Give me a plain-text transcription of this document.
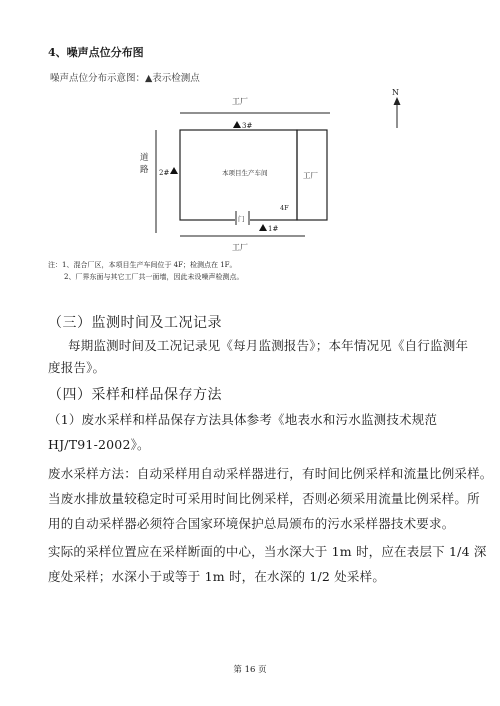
4、噪声点位分布图
噪声点位分布示意图：▲表示检测点
N
工厂
道
路	本项目生产车间	工厂
门
4F
3#
2#
1#
工厂
注：1、混合厂区，本项目生产车间位于 4F；检测点在 1F。
2、厂界东面与其它工厂共一面墙，因此未设噪声检测点。
（三）监测时间及工况记录
每期监测时间及工况记录见《每月监测报告》；本年情况见《自行监测年
度报告》。
（四）采样和样品保存方法
（1）废水采样和样品保存方法具体参考《地表水和污水监测技术规范
HJ/T91-2002》。
废水采样方法：自动采样用自动采样器进行，有时间比例采样和流量比例采样。
当废水排放量较稳定时可采用时间比例采样，否则必须采用流量比例采样。所
用的自动采样器必须符合国家环境保护总局颁布的污水采样器技术要求。
实际的采样位置应在采样断面的中心，当水深大于 1m 时，应在表层下 1/4 深
度处采样；水深小于或等于 1m 时，在水深的 1/2 处采样。
第 16 页
